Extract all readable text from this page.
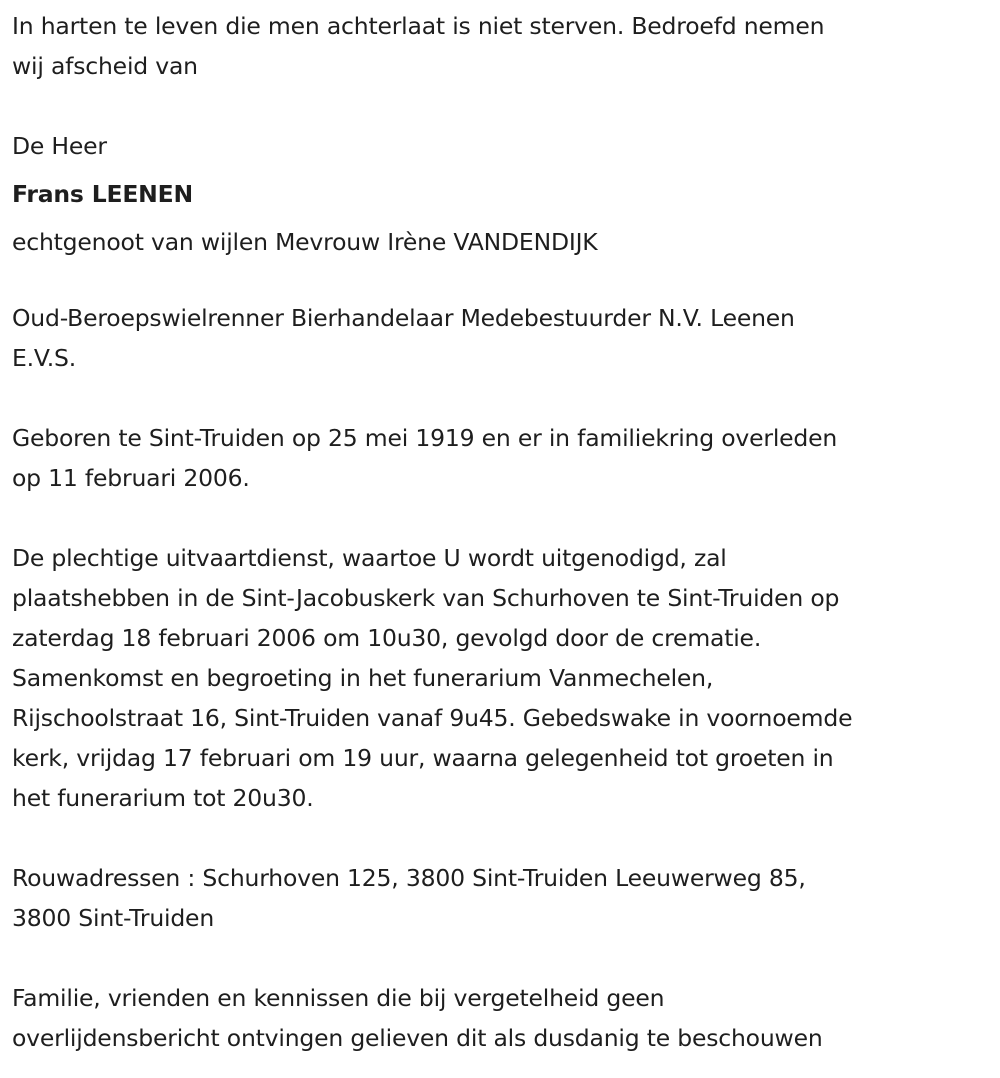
In harten te leven die men achterlaat is niet sterven. Bedroefd nemen
wij afscheid van
De Heer
Frans LEENEN
echtgenoot van wijlen Mevrouw Irène VANDENDIJK
Oud-Beroepswielrenner Bierhandelaar Medebestuurder N.V. Leenen
E.V.S.
Geboren te Sint-Truiden op 25 mei 1919 en er in familiekring overleden
op 11 februari 2006.
De plechtige uitvaartdienst, waartoe U wordt uitgenodigd, zal
plaatshebben in de Sint-Jacobuskerk van Schurhoven te Sint-Truiden op
zaterdag 18 februari 2006 om 10u30, gevolgd door de crematie.
Samenkomst en begroeting in het funerarium Vanmechelen,
Rijschoolstraat 16, Sint-Truiden vanaf 9u45. Gebedswake in voornoemde
kerk, vrijdag 17 februari om 19 uur, waarna gelegenheid tot groeten in
het funerarium tot 20u30.
Rouwadressen : Schurhoven 125, 3800 Sint-Truiden Leeuwerweg 85,
3800 Sint-Truiden
Familie, vrienden en kennissen die bij vergetelheid geen
overlijdensbericht ontvingen gelieven dit als dusdanig te beschouwen
